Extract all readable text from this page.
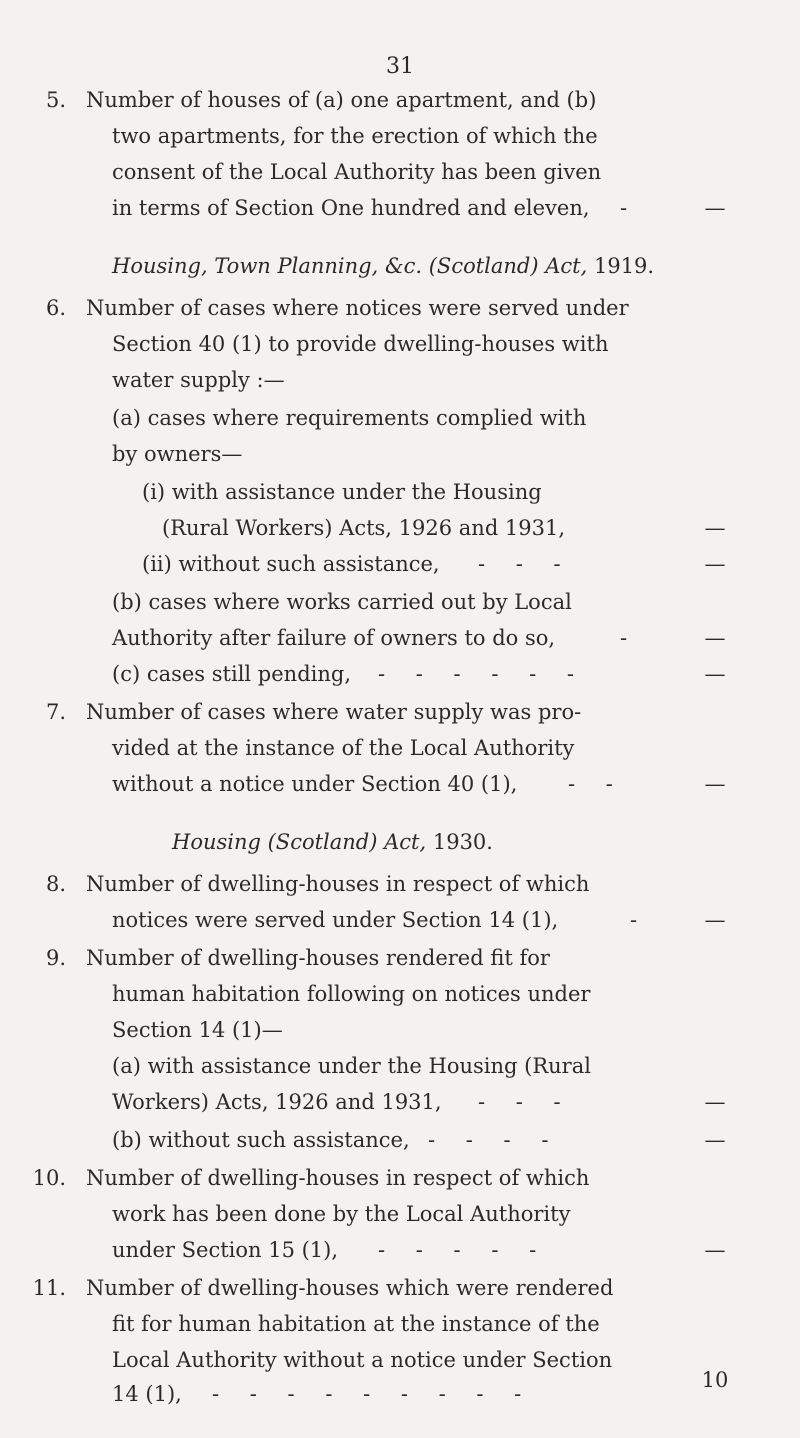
31
5. Number of houses of (a) one apartment, and (b)
two apartments, for the erection of which the
consent of the Local Authority has been given
in terms of Section One hundred and eleven, -	—
Housing, Town Planning, &c. (Scotland) Act, 1919.
6. Number of cases where notices were served under
Section 40 (1) to provide dwelling-houses with
water supply :—
(a) cases where requirements complied with
by owners—
(i) with assistance under the Housing
(Rural Workers) Acts, 1926 and 1931,	—
(ii) without such assistance, - - -	—
(b) cases where works carried out by Local
Authority after failure of owners to do so,	-	—
(c) cases still pending, - - - - - -	—
7. Number of cases where water supply was pro-
vided at the instance of the Local Authority
without a notice under Section 40 (1), - -	—
Housing (Scotland) Act, 1930.
8. Number of dwelling-houses in respect of which
notices were served under Section 14 (1),	-	—
9. Number of dwelling-houses rendered fit for
human habitation following on notices under
Section 14 (1)—
(a) with assistance under the Housing (Rural
Workers) Acts, 1926 and 1931, - - -	—
(b) without such assistance, - - - -	—
10. Number of dwelling-houses in respect of which
work has been done by the Local Authority
under Section 15 (1), - - - - -	—
11. Number of dwelling-houses which were rendered
fit for human habitation at the instance of the
Local Authority without a notice under Section
14 (1), - - - - - - - - -
10
